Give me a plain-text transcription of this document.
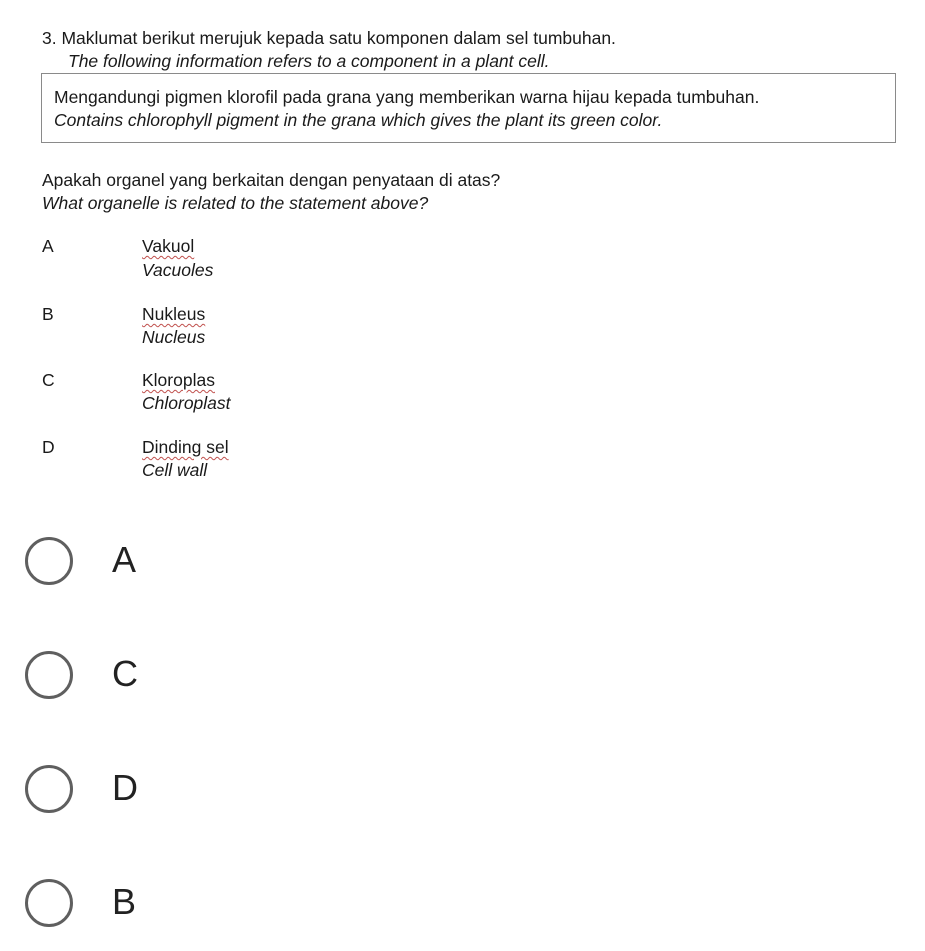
3. Maklumat berikut merujuk kepada satu komponen dalam sel tumbuhan.
The following information refers to a component in a plant cell.
Mengandungi pigmen klorofil pada grana yang memberikan warna hijau kepada tumbuhan.
Contains chlorophyll pigment in the grana which gives the plant its green color.
Apakah organel yang berkaitan dengan penyataan di atas?
What organelle is related to the statement above?
A	Vakuol
Vacuoles
B	Nukleus
Nucleus
C	Kloroplas
Chloroplast
D	Dinding sel
Cell wall
A
C
D
B
